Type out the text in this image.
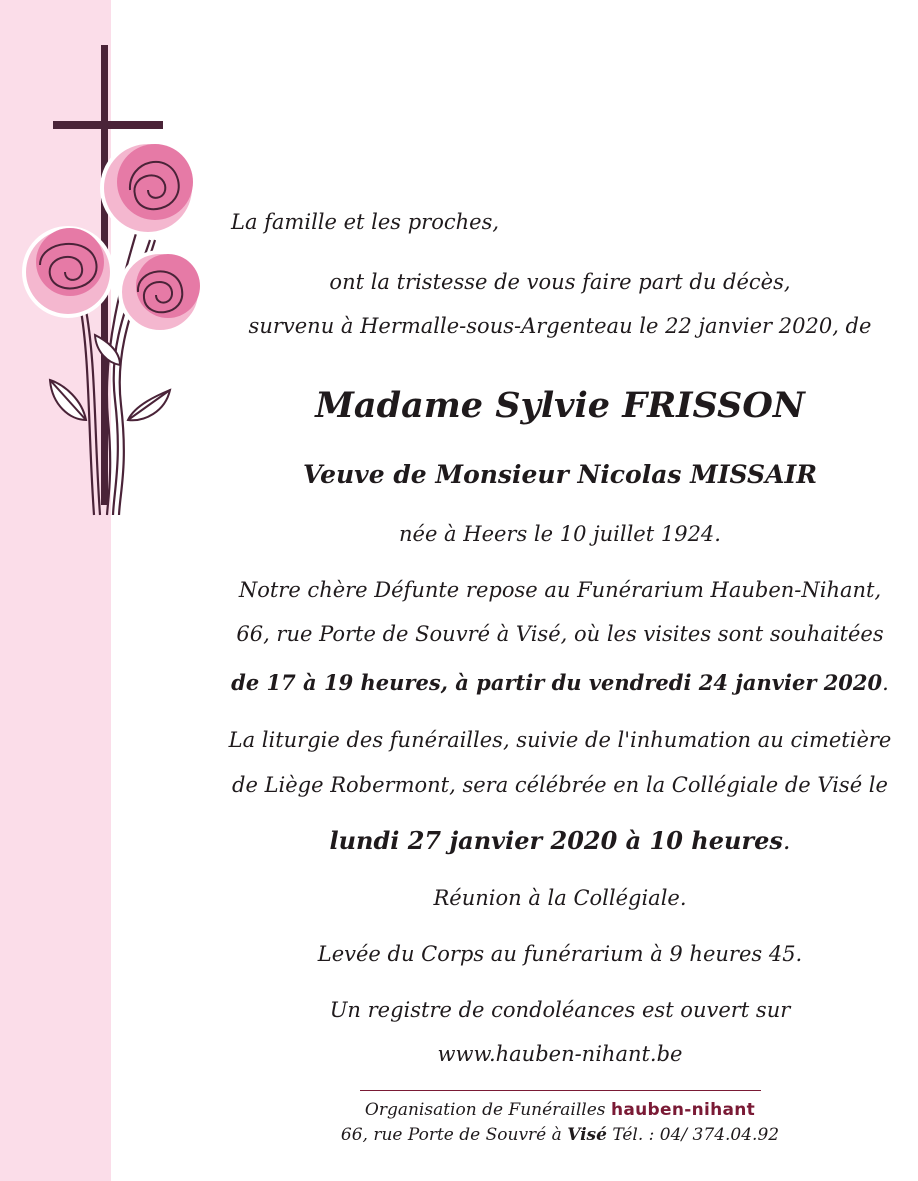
La famille et les proches,
ont la tristesse de vous faire part du décès,
survenu à Hermalle-sous-Argenteau le 22 janvier 2020, de
Madame Sylvie FRISSON
Veuve de Monsieur Nicolas MISSAIR
née à Heers le 10 juillet 1924.
Notre chère Défunte repose au Funérarium Hauben-Nihant,
66, rue Porte de Souvré à Visé, où les visites sont souhaitées
de 17 à 19 heures, à partir du vendredi 24 janvier 2020.
La liturgie des funérailles, suivie de l'inhumation au cimetière
de Liège Robermont, sera célébrée en la Collégiale de Visé le
lundi 27 janvier 2020 à 10 heures.
Réunion à la Collégiale.
Levée du Corps au funérarium à 9 heures 45.
Un registre de condoléances est ouvert sur
www.hauben-nihant.be
Organisation de Funérailles hauben-nihant
66, rue Porte de Souvré à Visé Tél. : 04/ 374.04.92
